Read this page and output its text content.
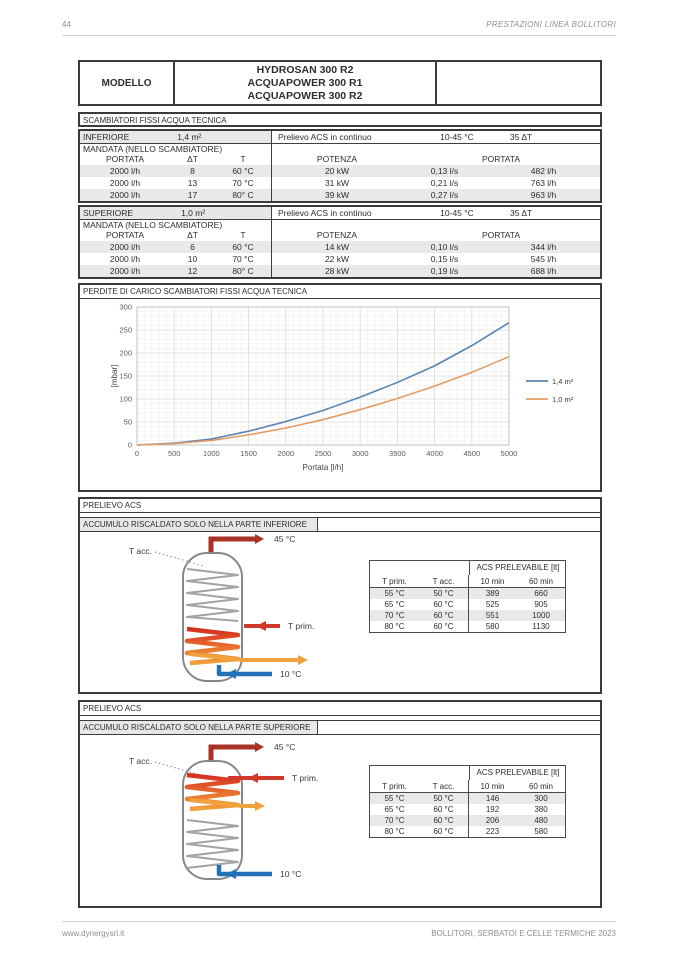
44	PRESTAZIONI LINEA BOLLITORI
MODELLO
HYDROSAN 300 R2
ACQUAPOWER 300 R1
ACQUAPOWER 300 R2
SCAMBIATORI FISSI ACQUA TECNICA
INFERIORE	1,4 m²	Prelievo ACS in continuo	10-45 °C	35 ΔT
MANDATA (NELLO SCAMBIATORE)
PORTATA	ΔT	T	POTENZA	PORTATA
2000 l/h	8	60 °C	20 kW	0,13 l/s	482 l/h
2000 l/h	13	70 °C	31 kW	0,21 l/s	763 l/h
2000 l/h	17	80° C	39 kW	0,27 l/s	963 l/h
SUPERIORE	1,0 m²	Prelievo ACS in continuo	10-45 °C	35 ΔT
MANDATA (NELLO SCAMBIATORE)
PORTATA	ΔT	T	POTENZA	PORTATA
2000 l/h	6	60 °C	14 kW	0,10 l/s	344 l/h
2000 l/h	10	70 °C	22 kW	0,15 l/s	545 l/h
2000 l/h	12	80° C	28 kW	0,19 l/s	688 l/h
PERDITE DI CARICO SCAMBIATORI FISSI ACQUA TECNICA
0	500	1000	1500	2000	2500	3000	3500	4000	4500	5000
0
50
100
150
200
250
300
1,4 m²
1,0 m²
Portata [l/h]
[mbar]
PRELIEVO ACS
ACCUMULO RISCALDATO SOLO NELLA PARTE INFERIORE
T acc.
45 °C
T prim.
10 °C
ACS PRELEVABILE [lt]
T prim.	T acc.	10 min	60 min
55 °C	50 °C	389	660
65 °C	60 °C	525	905
70 °C	60 °C	551	1000
80 °C	60 °C	580	1130
PRELIEVO ACS
ACCUMULO RISCALDATO SOLO NELLA PARTE SUPERIORE
T acc.
45 °C
T prim.
10 °C
ACS PRELEVABILE [lt]
T prim.	T acc.	10 min	60 min
55 °C	50 °C	146	300
65 °C	60 °C	192	380
70 °C	60 °C	206	480
80 °C	60 °C	223	580
www.dynergysrl.it	BOLLITORI, SERBATOI E CELLE TERMICHE 2023
